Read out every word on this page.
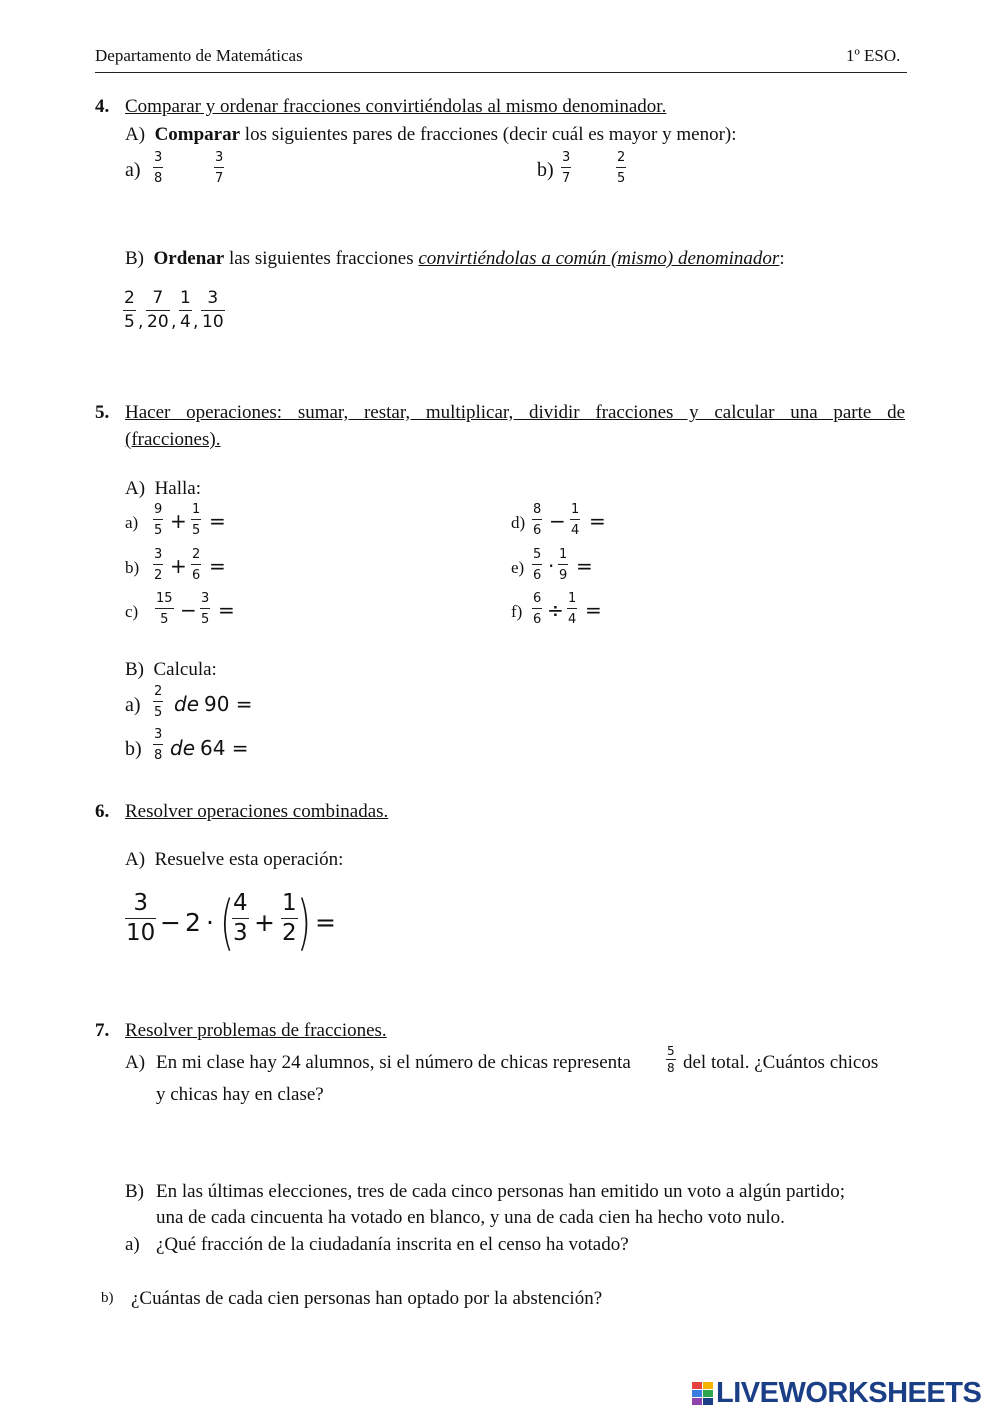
Departamento de Matemáticas	1º ESO.
4. Comparar y ordenar fracciones convirtiéndolas al mismo denominador.
A) Comparar los siguientes pares de fracciones (decir cuál es mayor y menor):
a)
3
8
3
7	b)
3
7
2
5
B) Ordenar las siguientes fracciones convirtiéndolas a común (mismo) denominador:
2
5 ,
7
20 ,
1
4 ,
3
10
5. Hacer operaciones: sumar, restar, multiplicar, dividir fracciones y calcular una parte de
(fracciones).
A) Halla:
a)
9
5 + 1
5 =
b)
3
2 + 2
6 =
c)
15
5 − 3
5 =
d)
8
6 − 1
4 =
e)
5
6 · 1
9 =
f)
6
6 ÷ 1
4 =
B) Calcula:
a)
2
5 de 90 =
b)
3
8 de 64 =
6. Resolver operaciones combinadas.
A) Resuelve esta operación:
3
10 − 2 · (
4
3 +
1
2 ) =
7. Resolver problemas de fracciones.
A) En mi clase hay 24 alumnos, si el número de chicas representa
5
8 del total. ¿Cuántos chicos
y chicas hay en clase?
B) En las últimas elecciones, tres de cada cinco personas han emitido un voto a algún partido;
una de cada cincuenta ha votado en blanco, y una de cada cien ha hecho voto nulo.
a) ¿Qué fracción de la ciudadanía inscrita en el censo ha votado?
b) ¿Cuántas de cada cien personas han optado por la abstención?
LIVEWORKSHEETS
